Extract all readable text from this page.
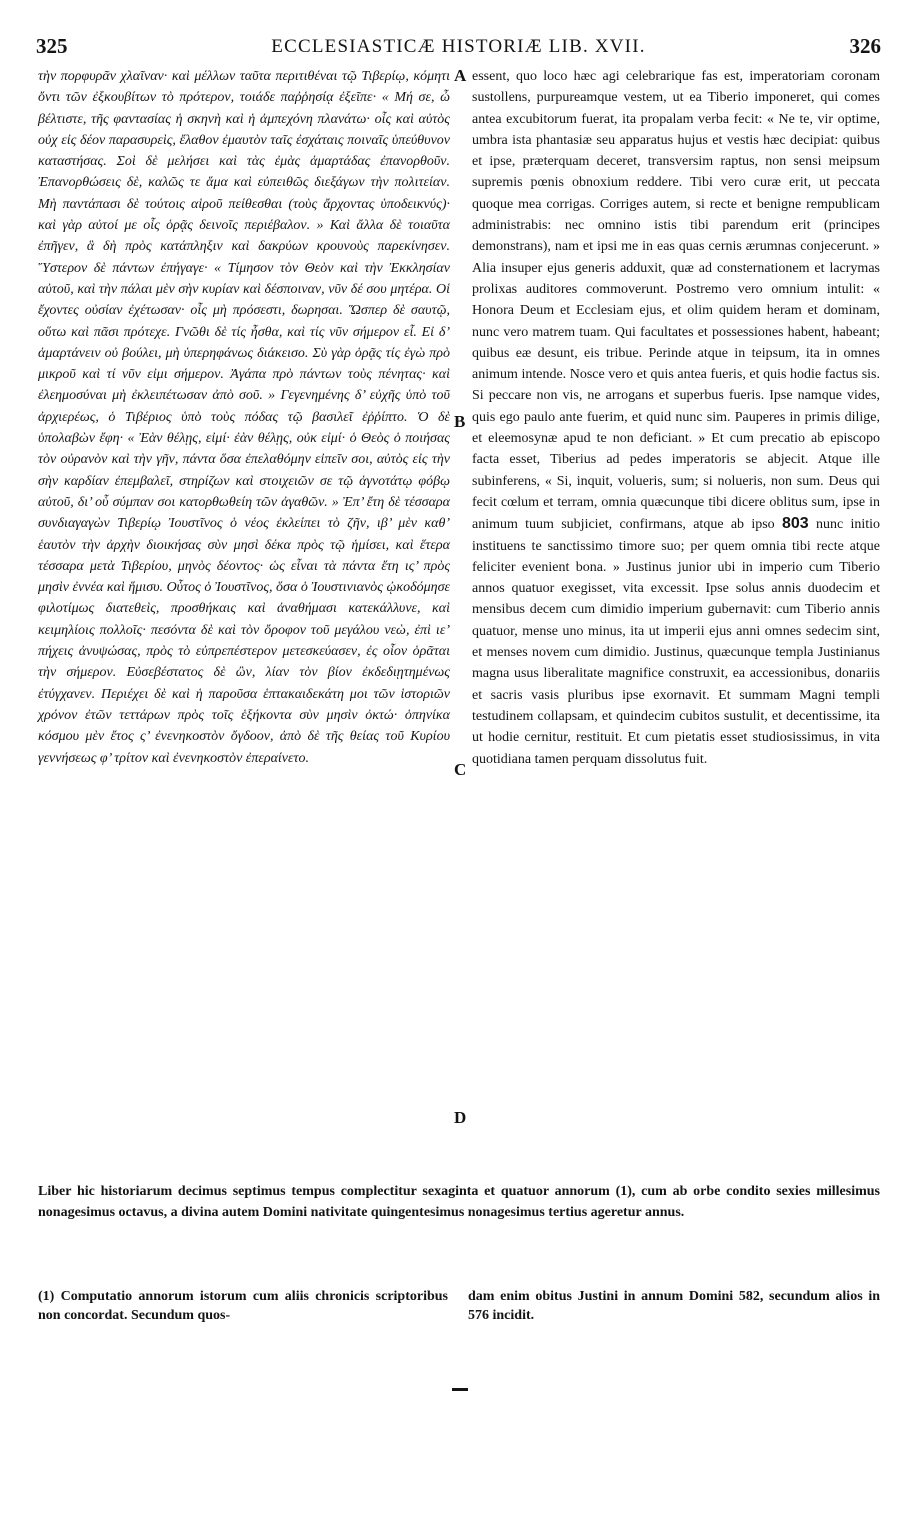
325	ECCLESIASTICÆ HISTORIÆ LIB. XVII.	326

τὴν πορφυρᾶν χλαῖναν· καὶ μέλλων ταῦτα περιτιθέναι τῷ Τιβερίῳ, κόμητι ὄντι τῶν ἐξκουβίτων τὸ πρότερον, τοιάδε παῤῥησίᾳ ἐξεῖπε· « Μή σε, ὦ βέλτιστε, τῆς φαντασίας ἡ σκηνὴ καὶ ἡ ἀμπεχόνη πλανάτω· οἷς καὶ αὐτὸς οὐχ εἰς δέον παρασυρεὶς, ἔλαθον ἐμαυτὸν ταῖς ἐσχάταις ποιναῖς ὑπεύθυνον καταστήσας. Σοὶ δὲ μελήσει καὶ τὰς ἐμὰς ἁμαρτάδας ἐπανορθοῦν. Ἐπανορθώσεις δὲ, καλῶς τε ἅμα καὶ εὐπειθῶς διεξάγων τὴν πολιτείαν. Μὴ παντάπασι δὲ τούτοις αἱροῦ πείθεσθαι (τοὺς ἄρχοντας ὑποδεικνύς)· καὶ γὰρ αὐτοί με οἷς ὁρᾷς δεινοῖς περιέβαλον. » Καὶ ἄλλα δὲ τοιαῦτα ἐπῆγεν, ἃ δὴ πρὸς κατάπληξιν καὶ δακρύων κρουνοὺς παρεκίνησεν. Ὕστερον δὲ πάντων ἐπήγαγε· « Τίμησον τὸν Θεὸν καὶ τὴν Ἐκκλησίαν αὐτοῦ, καὶ τὴν πάλαι μὲν σὴν κυρίαν καὶ δέσποιναν, νῦν δέ σου μητέρα. Οἱ ἔχοντες οὐσίαν ἐχέτωσαν· οἷς μὴ πρόσεστι, δωρησαι. Ὥσπερ δὲ σαυτῷ, οὕτω καὶ πᾶσι πρότεχε. Γνῶθι δὲ τίς ἦσθα, καὶ τίς νῦν σήμερον εἶ. Εἰ δ’ ἁμαρτάνειν οὐ βούλει, μὴ ὑπερηφάνως διάκεισο. Σὺ γὰρ ὁρᾷς τίς ἐγὼ πρὸ μικροῦ καὶ τί νῦν εἰμι σήμερον. Ἀγάπα πρὸ πάντων τοὺς πένητας· καὶ ἐλεημοσύναι μὴ ἐκλειπέτωσαν ἀπὸ σοῦ. » Γεγενημένης δ’ εὐχῆς ὑπὸ τοῦ ἀρχιερέως, ὁ Τιβέριος ὑπὸ τοὺς πόδας τῷ βασιλεῖ ἐῤῥίπτο. Ὁ δὲ ὑπολαβὼν ἔφη· « Ἐὰν θέλῃς, εἰμί· ἐὰν θέλῃς, οὐκ εἰμί· ὁ Θεὸς ὁ ποιήσας τὸν οὐρανὸν καὶ τὴν γῆν, πάντα ὅσα ἐπελαθόμην εἰπεῖν σοι, αὐτὸς εἰς τὴν σὴν καρδίαν ἐπεμβαλεῖ, στηρίζων καὶ στοιχειῶν σε τῷ ἁγνοτάτῳ φόβῳ αὐτοῦ, δι’ οὗ σύμπαν σοι κατορθωθείη τῶν ἀγαθῶν. » Ἐπ’ ἔτη δὲ τέσσαρα συνδιαγαγὼν Τιβερίῳ Ἰουστῖνος ὁ νέος ἐκλείπει τὸ ζῆν, ιβ’ μὲν καθ’ ἑαυτὸν τὴν ἀρχὴν διοικήσας σὺν μησὶ δέκα πρὸς τῷ ἡμίσει, καὶ ἕτερα τέσσαρα μετὰ Τιβερίου, μηνὸς δέοντος· ὡς εἶναι τὰ πάντα ἔτη ις’ πρὸς μησὶν ἐννέα καὶ ἥμισυ. Οὗτος ὁ Ἰουστῖνος, ὅσα ὁ Ἰουστινιανὸς ᾠκοδόμησε φιλοτίμως διατεθεὶς, προσθήκαις καὶ ἀναθήμασι κατεκάλλυνε, καὶ κειμηλίοις πολλοῖς· πεσόντα δὲ καὶ τὸν ὄροφον τοῦ μεγάλου νεὼ, ἐπὶ ιε’ πήχεις ἀνυψώσας, πρὸς τὸ εὐπρεπέστερον μετεσκεύασεν, ἐς οἷον ὁρᾶται τὴν σήμερον. Εὐσεβέστατος δὲ ὢν, λίαν τὸν βίον ἐκδεδιῃτημένως ἐτύγχανεν. Περιέχει δὲ καὶ ἡ παροῦσα ἑπτακαιδεκάτη μοι τῶν ἱστοριῶν χρόνον ἐτῶν τεττάρων πρὸς τοῖς ἑξήκοντα σὺν μησὶν ὀκτώ· ὁπηνίκα κόσμου μὲν ἔτος ς’ ἐνενηκοστὸν ὄγδοον, ἀπὸ δὲ τῆς θείας τοῦ Κυρίου γεννήσεως φ’ τρίτον καὶ ἐνενηκοστὸν ἐπεραίνετο.

A
B
C
D

essent, quo loco hæc agi celebrarique fas est, imperatoriam coronam sustollens, purpureamque vestem, ut ea Tiberio imponeret, qui comes antea excubitorum fuerat, ita propalam verba fecit: « Ne te, vir optime, umbra ista phantasiæ seu apparatus hujus et vestis hæc decipiat: quibus et ipse, præterquam deceret, transversim raptus, non sensi meipsum supremis pœnis obnoxium reddere. Tibi vero curæ erit, ut peccata quoque mea corrigas. Corriges autem, si recte et benigne rempublicam administrabis: nec omnino istis tibi parendum erit (principes demonstrans), nam et ipsi me in eas quas cernis ærumnas conjecerunt. » Alia insuper ejus generis adduxit, quæ ad consternationem et lacrymas prolixas auditores commoverunt. Postremo vero omnium intulit: « Honora Deum et Ecclesiam ejus, et olim quidem heram et dominam, nunc vero matrem tuam. Qui facultates et possessiones habent, habeant; quibus eæ desunt, eis tribue. Perinde atque in teipsum, ita in omnes animum intende. Nosce vero et quis antea fueris, et quis hodie factus sis. Si peccare non vis, ne arrogans et superbus fueris. Ipse namque vides, quis ego paulo ante fuerim, et quid nunc sim. Pauperes in primis dilige, et eleemosynæ apud te non deficiant. » Et cum precatio ab episcopo facta esset, Tiberius ad pedes imperatoris se abjecit. Atque ille subinferens, « Si, inquit, volueris, sum; si nolueris, non sum. Deus qui fecit cœlum et terram, omnia quæcunque tibi dicere oblitus sum, ipse in animum tuum subjiciet, confirmans, atque ab ipso 803 nunc initio instituens te sanctissimo timore suo; per quem omnia tibi recte atque feliciter evenient bona. » Justinus junior ubi in imperio cum Tiberio annos quatuor exegisset, vita excessit. Ipse solus annis duodecim et mensibus decem cum dimidio imperium gubernavit: cum Tiberio annis quatuor, mense uno minus, ita ut imperii ejus anni omnes sedecim sint, et menses novem cum dimidio. Justinus, quæcunque templa Justinianus magna usus liberalitate magnifice construxit, ea accessionibus, donariis et sacris vasis pluribus ipse exornavit. Et summam Magni templi testudinem collapsam, et quindecim cubitos sustulit, et decentissime, ita ut hodie cernitur, restituit. Et cum pietatis esset studiosissimus, in vita quotidiana tamen perquam dissolutus fuit.

Liber hic historiarum decimus septimus tempus complectitur sexaginta et quatuor annorum (1), cum ab orbe condito sexies millesimus nonagesimus octavus, a divina autem Domini nativitate quingentesimus nonagesimus tertius ageretur annus.

(1) Computatio annorum istorum cum aliis chronicis scriptoribus non concordat. Secundum quos-

dam enim obitus Justini in annum Domini 582, secundum alios in 576 incidit.
